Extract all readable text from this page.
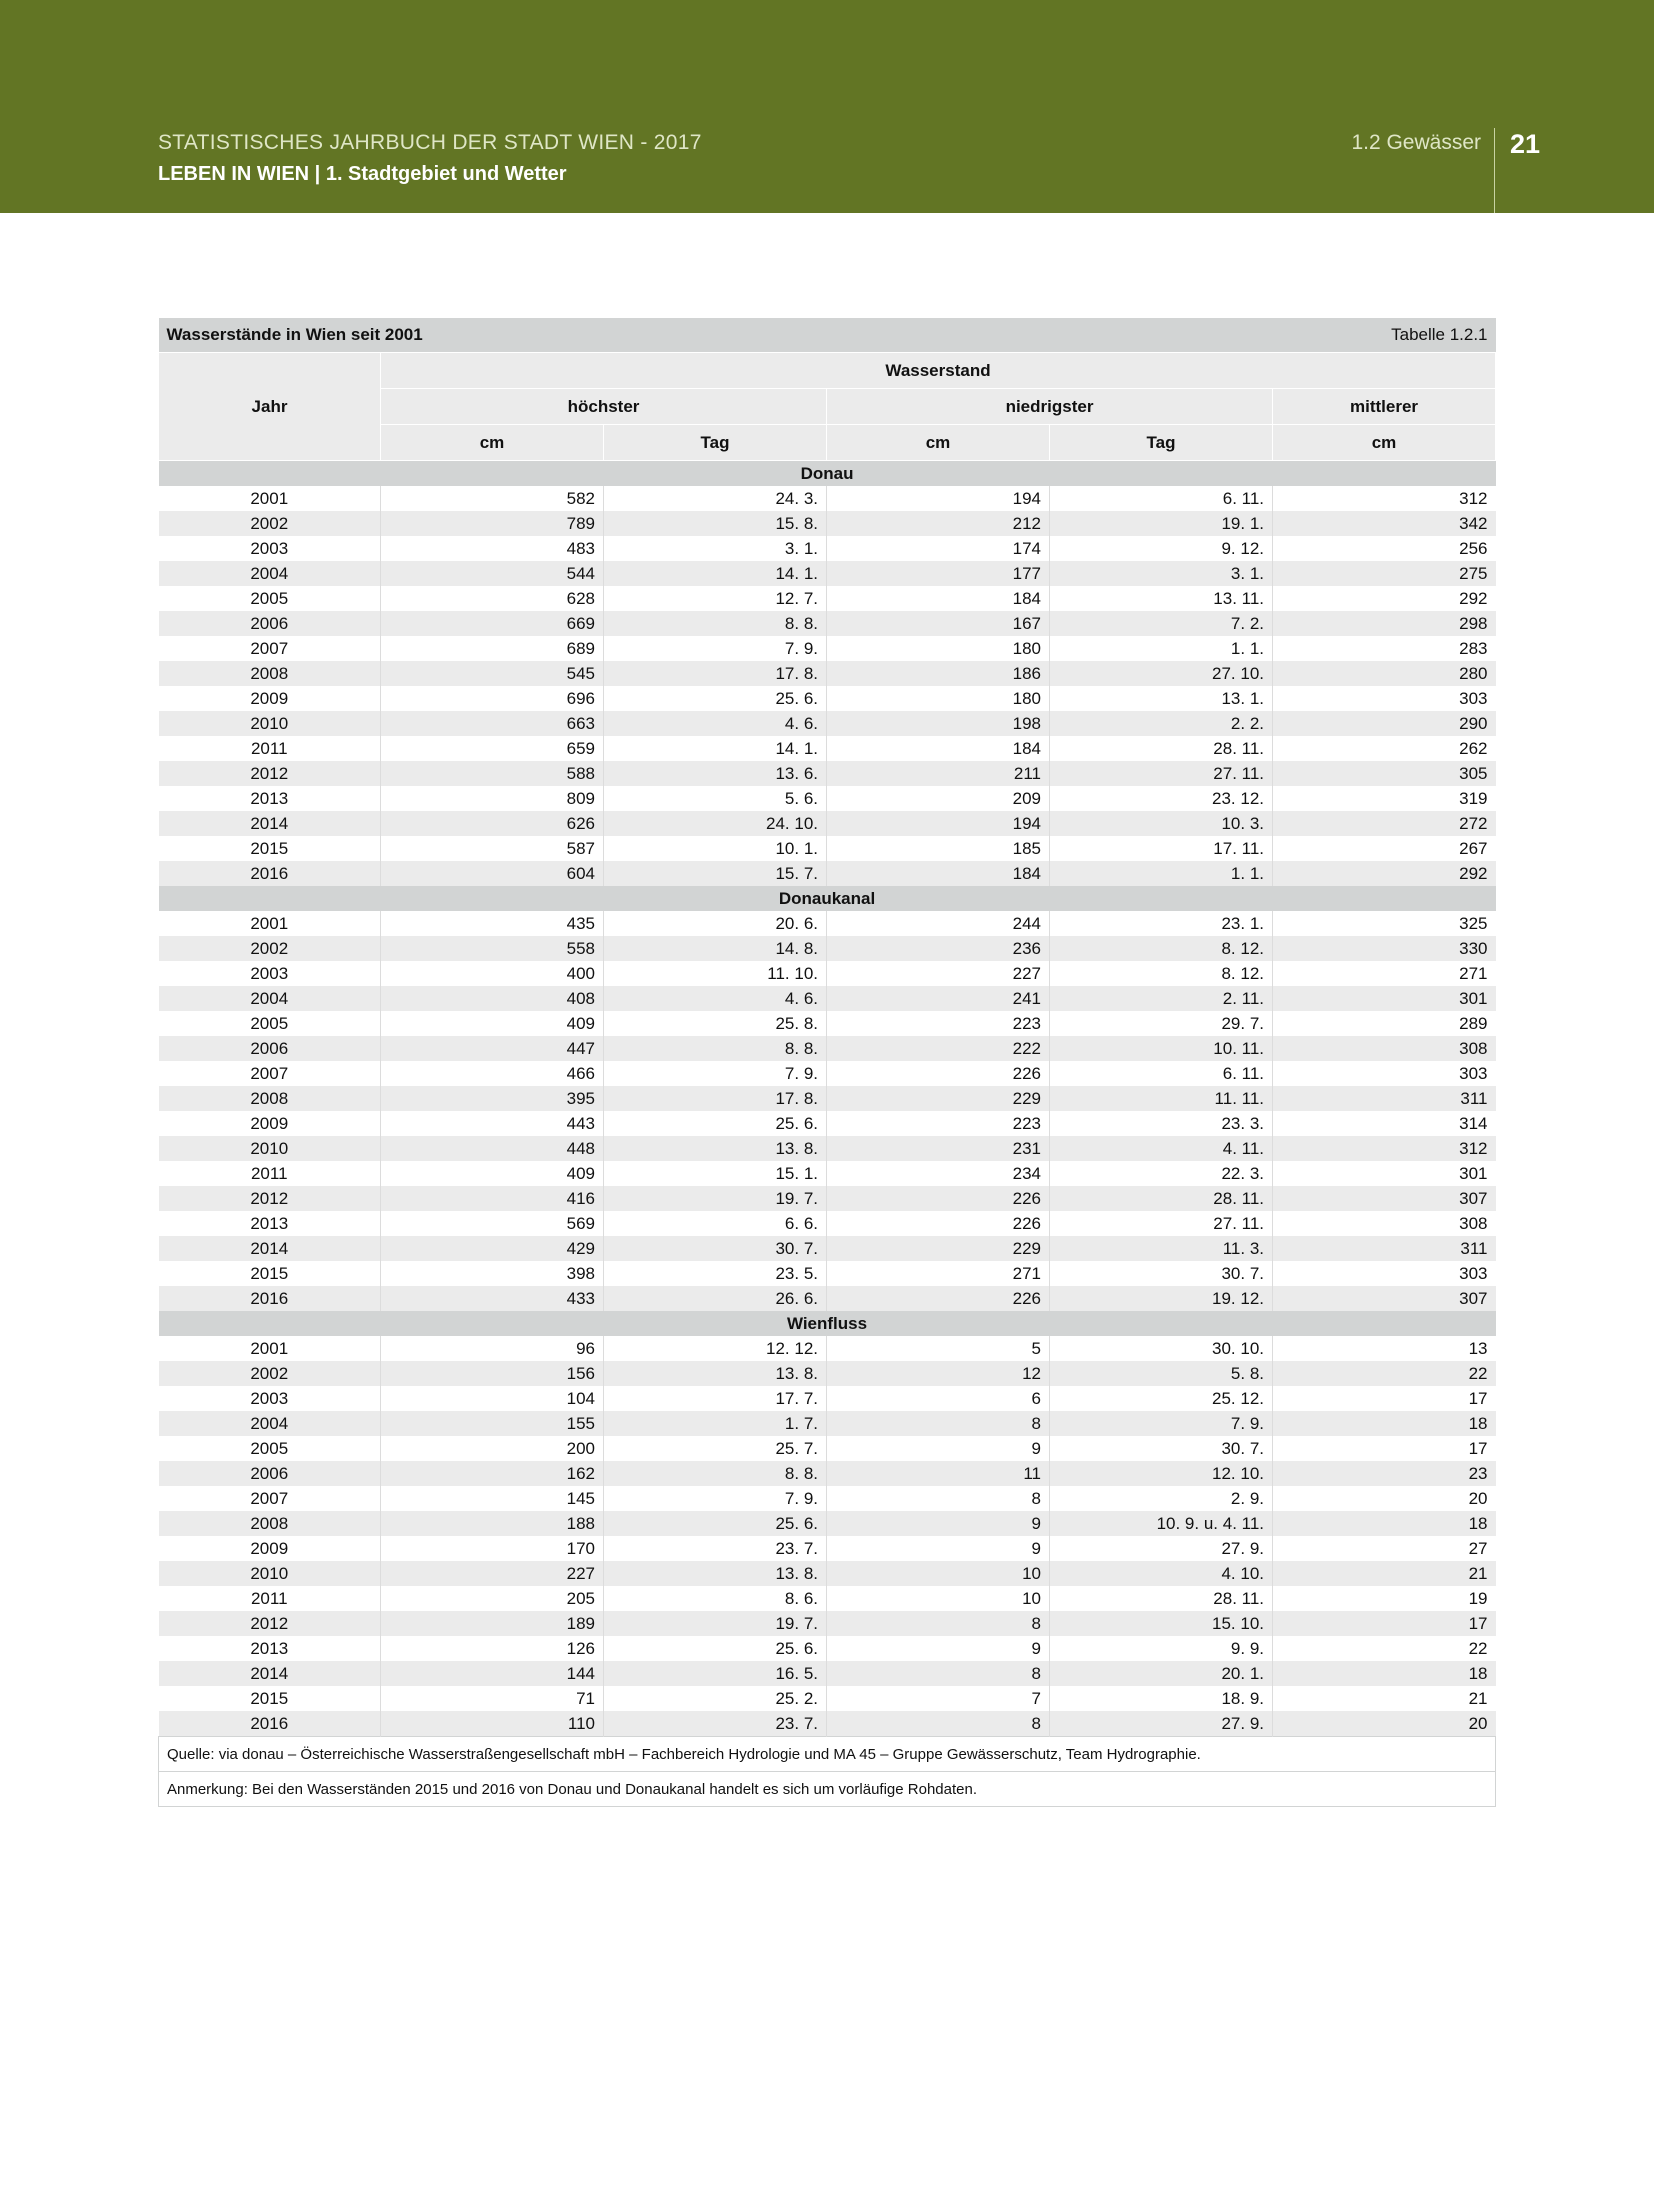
STATISTISCHES JAHRBUCH DER STADT WIEN - 2017
LEBEN IN WIEN | 1. Stadtgebiet und Wetter
1.2 Gewässer 21
Wasserstände in Wien seit 2001			Tabelle 1.2.1		
Jahr	Wasserstand				
	höchster		niedrigster		mittlerer
	cm	Tag	cm	Tag	cm
Donau					
2001	582	24. 3.	194	6. 11.	312
2002	789	15. 8.	212	19. 1.	342
2003	483	3. 1.	174	9. 12.	256
2004	544	14. 1.	177	3. 1.	275
2005	628	12. 7.	184	13. 11.	292
2006	669	8. 8.	167	7. 2.	298
2007	689	7. 9.	180	1. 1.	283
2008	545	17. 8.	186	27. 10.	280
2009	696	25. 6.	180	13. 1.	303
2010	663	4. 6.	198	2. 2.	290
2011	659	14. 1.	184	28. 11.	262
2012	588	13. 6.	211	27. 11.	305
2013	809	5. 6.	209	23. 12.	319
2014	626	24. 10.	194	10. 3.	272
2015	587	10. 1.	185	17. 11.	267
2016	604	15. 7.	184	1. 1.	292
Donaukanal					
2001	435	20. 6.	244	23. 1.	325
2002	558	14. 8.	236	8. 12.	330
2003	400	11. 10.	227	8. 12.	271
2004	408	4. 6.	241	2. 11.	301
2005	409	25. 8.	223	29. 7.	289
2006	447	8. 8.	222	10. 11.	308
2007	466	7. 9.	226	6. 11.	303
2008	395	17. 8.	229	11. 11.	311
2009	443	25. 6.	223	23. 3.	314
2010	448	13. 8.	231	4. 11.	312
2011	409	15. 1.	234	22. 3.	301
2012	416	19. 7.	226	28. 11.	307
2013	569	6. 6.	226	27. 11.	308
2014	429	30. 7.	229	11. 3.	311
2015	398	23. 5.	271	30. 7.	303
2016	433	26. 6.	226	19. 12.	307
Wienfluss					
2001	96	12. 12.	5	30. 10.	13
2002	156	13. 8.	12	5. 8.	22
2003	104	17. 7.	6	25. 12.	17
2004	155	1. 7.	8	7. 9.	18
2005	200	25. 7.	9	30. 7.	17
2006	162	8. 8.	11	12. 10.	23
2007	145	7. 9.	8	2. 9.	20
2008	188	25. 6.	9	10. 9. u. 4. 11.	18
2009	170	23. 7.	9	27. 9.	27
2010	227	13. 8.	10	4. 10.	21
2011	205	8. 6.	10	28. 11.	19
2012	189	19. 7.	8	15. 10.	17
2013	126	25. 6.	9	9. 9.	22
2014	144	16. 5.	8	20. 1.	18
2015	71	25. 2.	7	18. 9.	21
2016	110	23. 7.	8	27. 9.	20
Quelle: via donau – Österreichische Wasserstraßengesellschaft mbH – Fachbereich Hydrologie und MA 45 – Gruppe Gewässerschutz, Team Hydrographie.					
Anmerkung: Bei den Wasserständen 2015 und 2016 von Donau und Donaukanal handelt es sich um vorläufige Rohdaten.					
